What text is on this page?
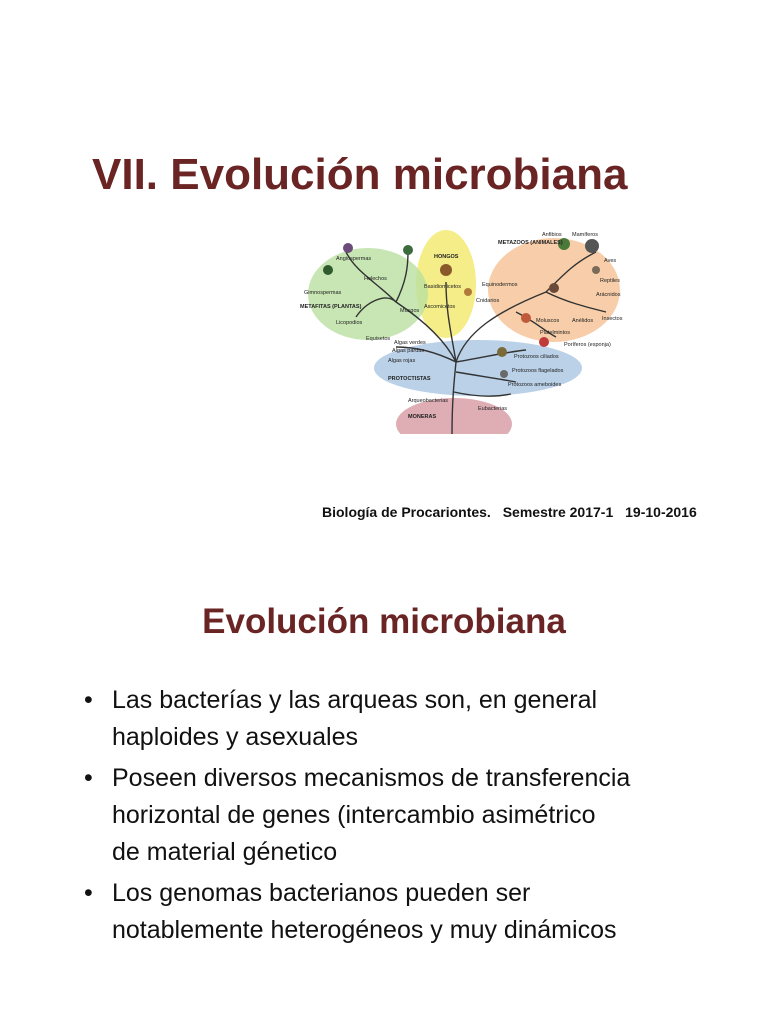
VII. Evolución microbiana
Angiospermas
Gimnospermas
Helechos
Musgos
Licopodios
Equisetos
Basidiomicetos
Ascomicetos
Algas verdes
Algas pardas
Algas rojas
Arqueobacterias
Eubacterias
Anfibios Mamíferos
Aves
Reptiles
Arácnidos
Insectos
Equinodermos
Cnidarios
Moluscos Anélidos
Platelmintos
Poríferos (esponja)
Protozoos ciliados
Protozoos flagelados
Protozoos ameboides
MONERAS
PROTOCTISTAS
HONGOS
METAFITAS (PLANTAS)
METAZOOS (ANIMALES)
Biología de Procariontes. Semestre 2017-1 19-10-2016
Evolución microbiana
• Las bacterías y las arqueas son, en general
haploides y asexuales
• Poseen diversos mecanismos de transferencia
horizontal de genes (intercambio asimétrico
de material génetico
• Los genomas bacterianos pueden ser
notablemente heterogéneos y muy dinámicos
